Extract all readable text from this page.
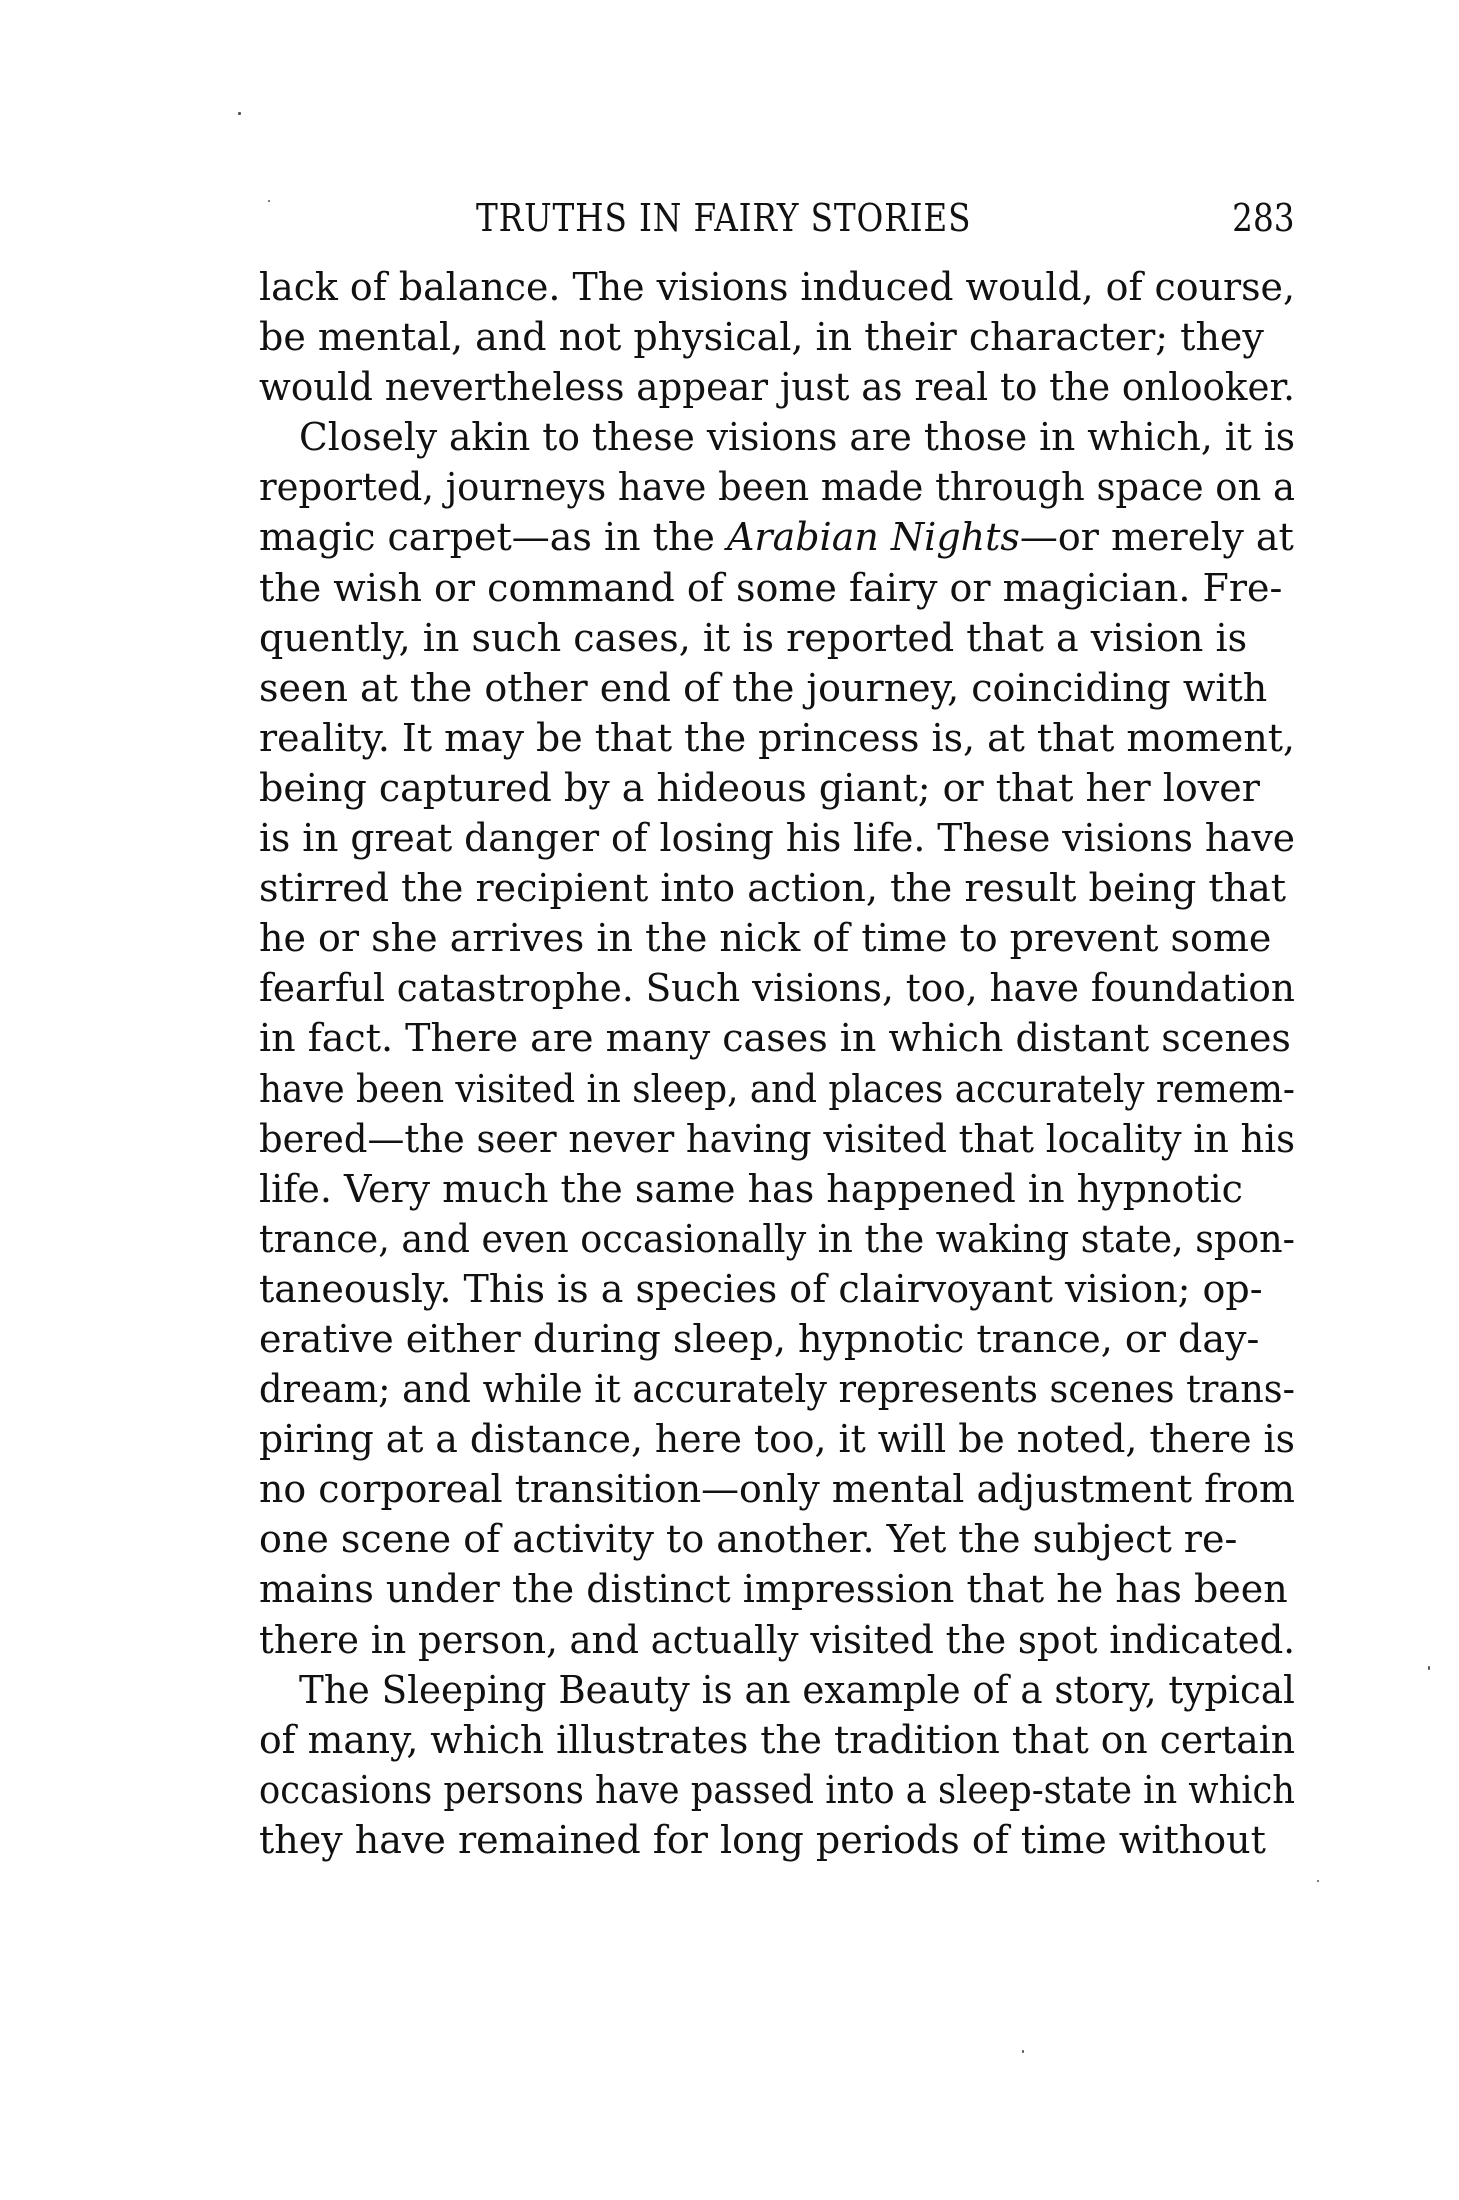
TRUTHS IN FAIRY STORIES	283
lack of balance. The visions induced would, of course,
be mental, and not physical, in their character; they
would nevertheless appear just as real to the onlooker.
Closely akin to these visions are those in which, it is
reported, journeys have been made through space on a
magic carpet—as in the Arabian Nights—or merely at
the wish or command of some fairy or magician. Fre-
quently, in such cases, it is reported that a vision is
seen at the other end of the journey, coinciding with
reality. It may be that the princess is, at that moment,
being captured by a hideous giant; or that her lover
is in great danger of losing his life. These visions have
stirred the recipient into action, the result being that
he or she arrives in the nick of time to prevent some
fearful catastrophe. Such visions, too, have foundation
in fact. There are many cases in which distant scenes
have been visited in sleep, and places accurately remem-
bered—the seer never having visited that locality in his
life. Very much the same has happened in hypnotic
trance, and even occasionally in the waking state, spon-
taneously. This is a species of clairvoyant vision; op-
erative either during sleep, hypnotic trance, or day-
dream; and while it accurately represents scenes trans-
piring at a distance, here too, it will be noted, there is
no corporeal transition—only mental adjustment from
one scene of activity to another. Yet the subject re-
mains under the distinct impression that he has been
there in person, and actually visited the spot indicated.
The Sleeping Beauty is an example of a story, typical
of many, which illustrates the tradition that on certain
occasions persons have passed into a sleep-state in which
they have remained for long periods of time without
